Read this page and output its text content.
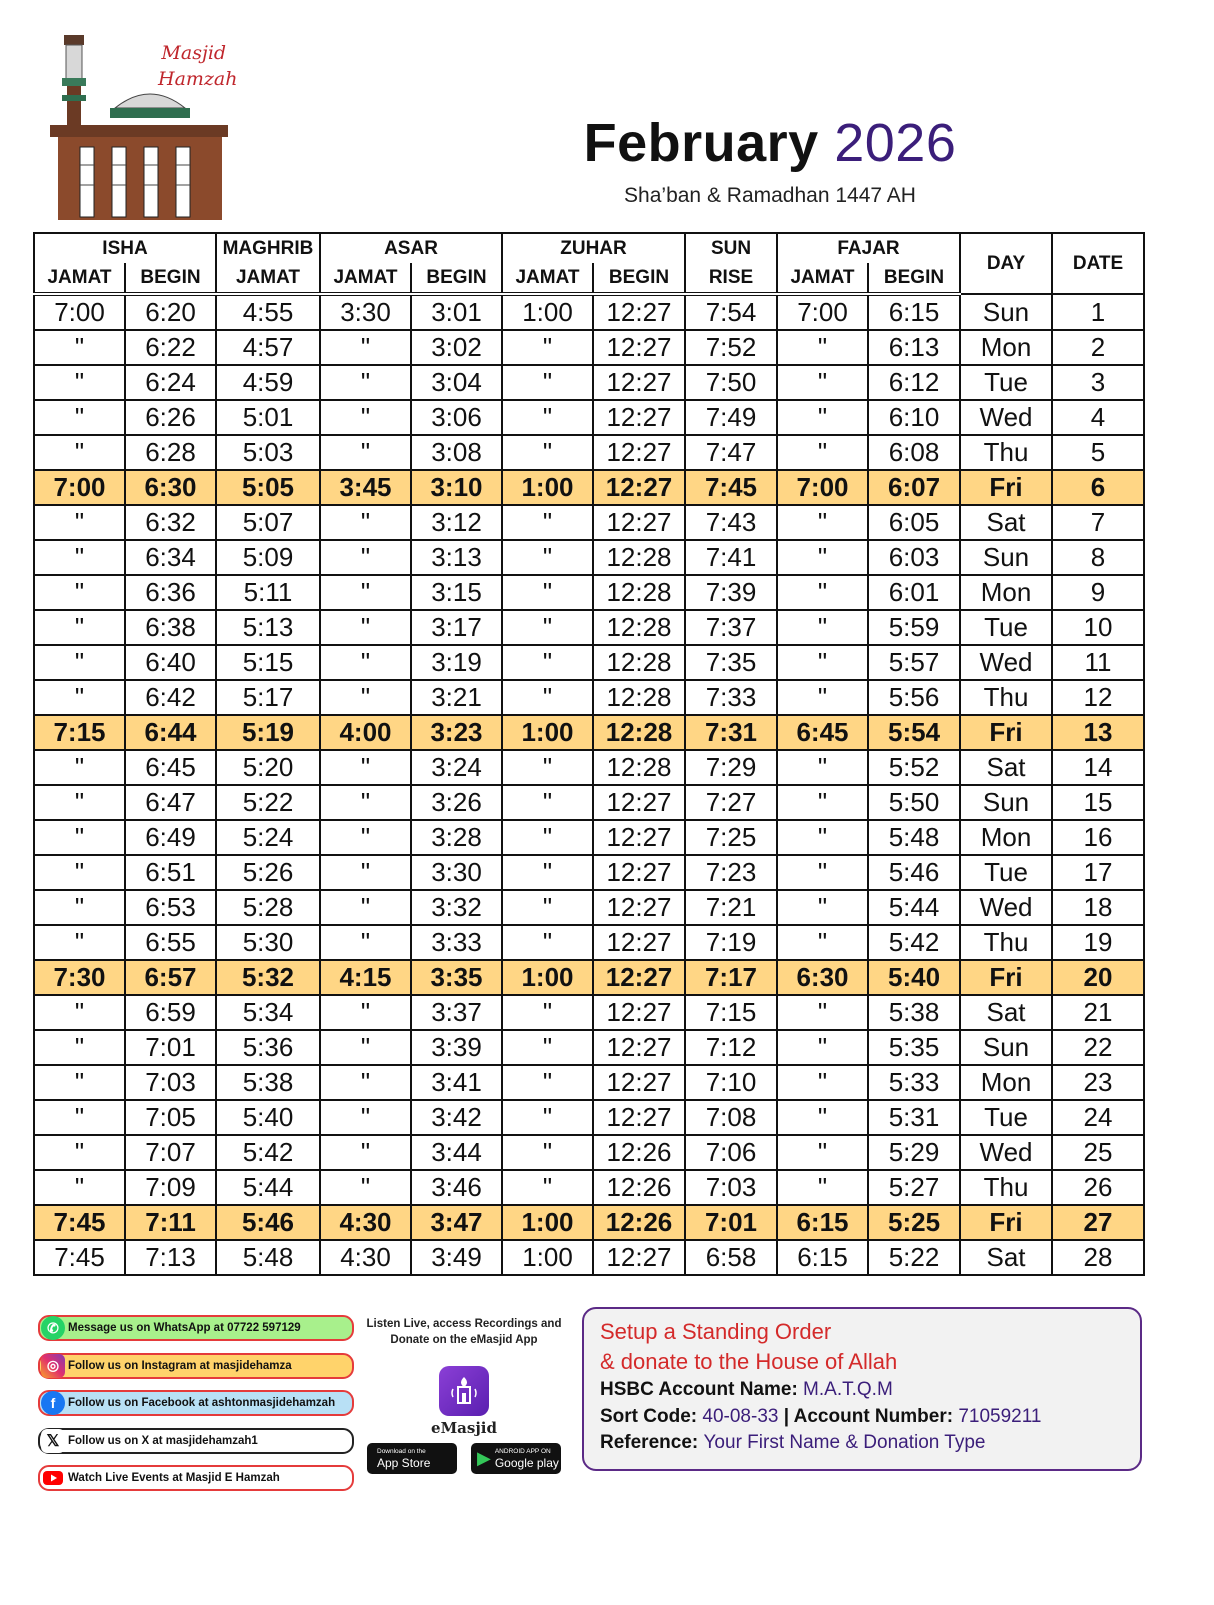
Masjid
Hamzah
February 2026
Sha’ban & Ramadhan 1447 AH
ISHA		MAGHRIB	ASAR		ZUHAR		SUN	FAJAR		DAY	DATE
JAMAT	BEGIN	JAMAT	JAMAT	BEGIN	JAMAT	BEGIN	RISE	JAMAT	BEGIN		
7:00	6:20	4:55	3:30	3:01	1:00	12:27	7:54	7:00	6:15	Sun	1
"	6:22	4:57	"	3:02	"	12:27	7:52	"	6:13	Mon	2
"	6:24	4:59	"	3:04	"	12:27	7:50	"	6:12	Tue	3
"	6:26	5:01	"	3:06	"	12:27	7:49	"	6:10	Wed	4
"	6:28	5:03	"	3:08	"	12:27	7:47	"	6:08	Thu	5
7:00	6:30	5:05	3:45	3:10	1:00	12:27	7:45	7:00	6:07	Fri	6
"	6:32	5:07	"	3:12	"	12:27	7:43	"	6:05	Sat	7
"	6:34	5:09	"	3:13	"	12:28	7:41	"	6:03	Sun	8
"	6:36	5:11	"	3:15	"	12:28	7:39	"	6:01	Mon	9
"	6:38	5:13	"	3:17	"	12:28	7:37	"	5:59	Tue	10
"	6:40	5:15	"	3:19	"	12:28	7:35	"	5:57	Wed	11
"	6:42	5:17	"	3:21	"	12:28	7:33	"	5:56	Thu	12
7:15	6:44	5:19	4:00	3:23	1:00	12:28	7:31	6:45	5:54	Fri	13
"	6:45	5:20	"	3:24	"	12:28	7:29	"	5:52	Sat	14
"	6:47	5:22	"	3:26	"	12:27	7:27	"	5:50	Sun	15
"	6:49	5:24	"	3:28	"	12:27	7:25	"	5:48	Mon	16
"	6:51	5:26	"	3:30	"	12:27	7:23	"	5:46	Tue	17
"	6:53	5:28	"	3:32	"	12:27	7:21	"	5:44	Wed	18
"	6:55	5:30	"	3:33	"	12:27	7:19	"	5:42	Thu	19
7:30	6:57	5:32	4:15	3:35	1:00	12:27	7:17	6:30	5:40	Fri	20
"	6:59	5:34	"	3:37	"	12:27	7:15	"	5:38	Sat	21
"	7:01	5:36	"	3:39	"	12:27	7:12	"	5:35	Sun	22
"	7:03	5:38	"	3:41	"	12:27	7:10	"	5:33	Mon	23
"	7:05	5:40	"	3:42	"	12:27	7:08	"	5:31	Tue	24
"	7:07	5:42	"	3:44	"	12:26	7:06	"	5:29	Wed	25
"	7:09	5:44	"	3:46	"	12:26	7:03	"	5:27	Thu	26
7:45	7:11	5:46	4:30	3:47	1:00	12:26	7:01	6:15	5:25	Fri	27
7:45	7:13	5:48	4:30	3:49	1:00	12:27	6:58	6:15	5:22	Sat	28
✆ Message us on WhatsApp at 07722 597129
◎ Follow us on Instagram at masjidehamza
f	Follow us on Facebook at ashtonmasjidehamzah
𝕏 Follow us on X at masjidehamzah1
Watch Live Events at Masjid E Hamzah
Listen Live, access Recordings and
Donate on the eMasjid App
eMasjid
Download on the
App Store	▶ ANDROID APP ON
Google play
Setup a Standing Order
& donate to the House of Allah
HSBC Account Name: M.A.T.Q.M
Sort Code: 40-08-33 | Account Number: 71059211
Reference: Your First Name & Donation Type
